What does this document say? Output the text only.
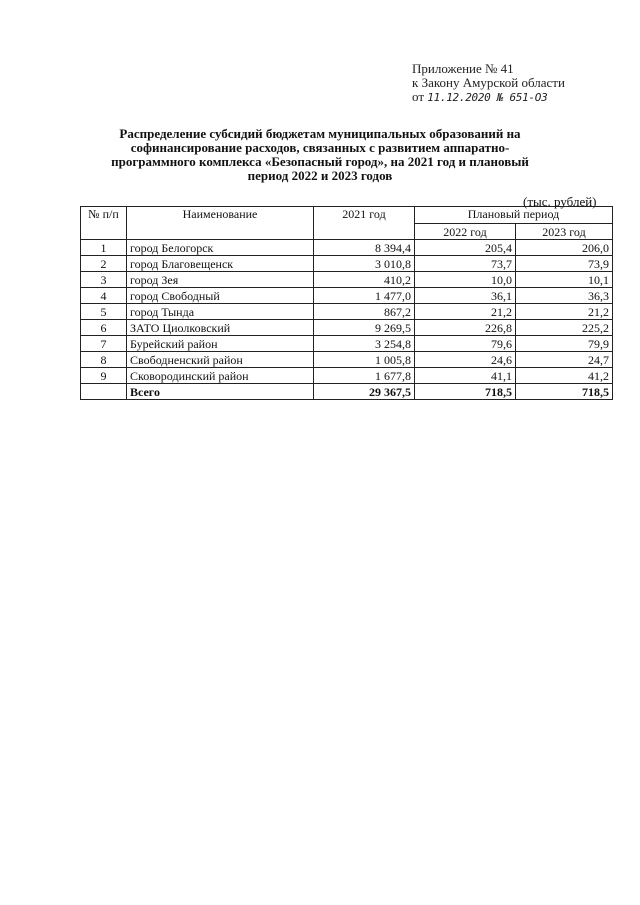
Приложение № 41
к Закону Амурской области
от 11.12.2020 № 651-ОЗ
Распределение субсидий бюджетам муниципальных образований на софинансирование расходов, связанных с развитием аппаратно-программного комплекса «Безопасный город», на 2021 год и плановый период 2022 и 2023 годов
(тыс. рублей)
№ п/п	Наименование	2021 год	Плановый период	
			2022 год	2023 год
1	город Белогорск	8 394,4	205,4	206,0
2	город Благовещенск	3 010,8	73,7	73,9
3	город Зея	410,2	10,0	10,1
4	город Свободный	1 477,0	36,1	36,3
5	город Тында	867,2	21,2	21,2
6	ЗАТО Циолковский	9 269,5	226,8	225,2
7	Бурейский район	3 254,8	79,6	79,9
8	Свободненский район	1 005,8	24,6	24,7
9	Сковородинский район	1 677,8	41,1	41,2
	Всего	29 367,5	718,5	718,5
